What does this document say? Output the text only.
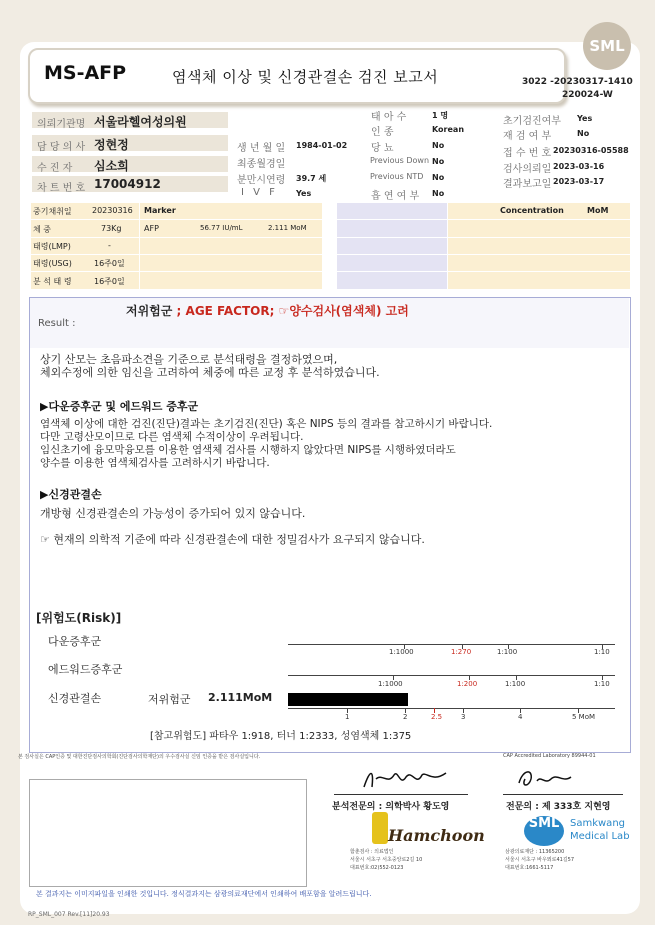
MS-AFP	염색체 이상 및 신경관결손 검진 보고서
SML
3022 -20230317-1410
220024-W
의뢰기관명 서울라헬여성의원
담 당 의 사 정현정
수 진 자 심소희
차 트 번 호 17004912
생 년 월 일 1984-01-02
최종월경일
분만시연령 39.7 세
I V F Yes
태 아 수	1 명
인 종	Korean
당 뇨	No
Previous Down No
Previous NTD No
흡 연 여 부 No
초기검진여부 Yes
재 검 여 부	No
접 수 번 호 20230316-05588
검사의뢰일 2023-03-16
결과보고일 2023-03-17
중기채취일	20230316
체 중	73Kg
태령(LMP)	-
태령(USG)	16주0일
분 석 태 령	16주0일
Marker
AFP	56.77 IU/mL	2.111 MoM
Concentration	MoM
Result :
저위험군 ; AGE FACTOR; ☞양수검사(염색체) 고려
상기 산모는 초음파소견을 기준으로 분석태령을 결정하였으며,
체외수정에 의한 임신을 고려하여 체중에 따른 교정 후 분석하였습니다.
▶다운증후군 및 에드워드 증후군
염색체 이상에 대한 검진(진단)결과는 초기검진(진단) 혹은 NIPS 등의 결과를 참고하시기 바랍니다.
다만 고령산모이므로 다른 염색체 수적이상이 우려됩니다.
임신초기에 융모막융모를 이용한 염색체 검사를 시행하지 않았다면 NIPS를 시행하였더라도
양수를 이용한 염색체검사를 고려하시기 바랍니다.
▶신경관결손
개방형 신경관결손의 가능성이 증가되어 있지 않습니다.
☞ 현재의 의학적 기준에 따라 신경관결손에 대한 정밀검사가 요구되지 않습니다.
[위험도(Risk)]
다운증후군
1:1000	1:270	1:100	1:10
에드워드증후군
1:1000	1:200	1:100	1:10
신경관결손	저위험군 2.111MoM
1	2	2.5	3	4	5 MoM
[참고위험도] 파타우 1:918, 터너 1:2333, 성염색체 1:375
본 검사실은 CAP인증 및 대한진단검사의학회(진단검사의학재단)의 우수검사실 신임 인증을 받은 검사실입니다.	CAP Accredited Laboratory 89944-01
분석전문의 : 의학박사 황도영	전문의 : 제 333호 지현영
Hamchoon
SML	Samkwang
Medical Lab
함춘검사 : 의료법인
서울시 서초구 서초중앙로2길 10
대표번호:02)552-0123
삼광의료재단 : 11365200
서울시 서초구 바우뫼로41길57
대표번호:1661-5117
본 결과지는 이미지파일을 인쇄한 것입니다. 정식결과지는 삼광의료재단에서 인쇄하여 배포함을 알려드립니다.
RP_SML_007 Rev.[11]20.93
